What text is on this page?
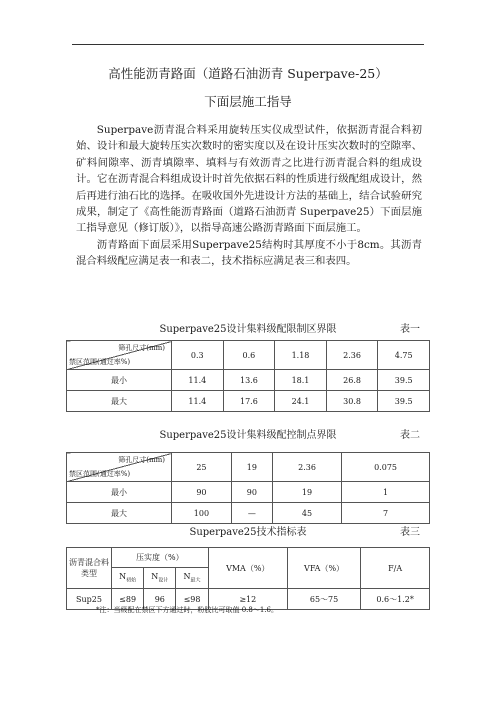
高性能沥青路面（道路石油沥青 Superpave-25）
下面层施工指导

Superpave沥青混合料采用旋转压实仪成型试件，依据沥青混合料初始、设计和最大旋转压实次数时的密实度以及在设计压实次数时的空隙率、矿料间隙率、沥青填隙率、填料与有效沥青之比进行沥青混合料的组成设计。它在沥青混合料组成设计时首先依据石料的性质进行级配组成设计，然后再进行油石比的选择。在吸收国外先进设计方法的基础上，结合试验研究成果，制定了《高性能沥青路面（道路石油沥青 Superpave25）下面层施工指导意见（修订版）》，以指导高速公路沥青路面下面层施工。

沥青路面下面层采用Superpave25结构时其厚度不小于8cm。其沥青混合料级配应满足表一和表二，技术指标应满足表三和表四。

Superpave25设计集料级配限制区界限	表一
筛孔尺寸(mm)
禁区范围(通过率%)	0.3	0.6	1.18	2.36	4.75
最小	11.4	13.6	18.1	26.8	39.5
最大	11.4	17.6	24.1	30.8	39.5
Superpave25设计集料级配控制点界限	表二
筛孔尺寸(mm)
禁区范围(通过率%)	25	19	2.36	0.075
最小	90	90	19	1
最大	100	—	45	7
Superpave25技术指标表	表三
沥青混合料类型	压实度（%）			VMA（%）	VFA（%）	F/A
	$N_{初始}$	$N_{设计}$	$N_{最大}$
Sup25	≤89	96	≤98	≥12	65～75	0.6～1.2*
*注：当级配在禁区下方通过时，粉胶比可取值 0.8～1.6。
